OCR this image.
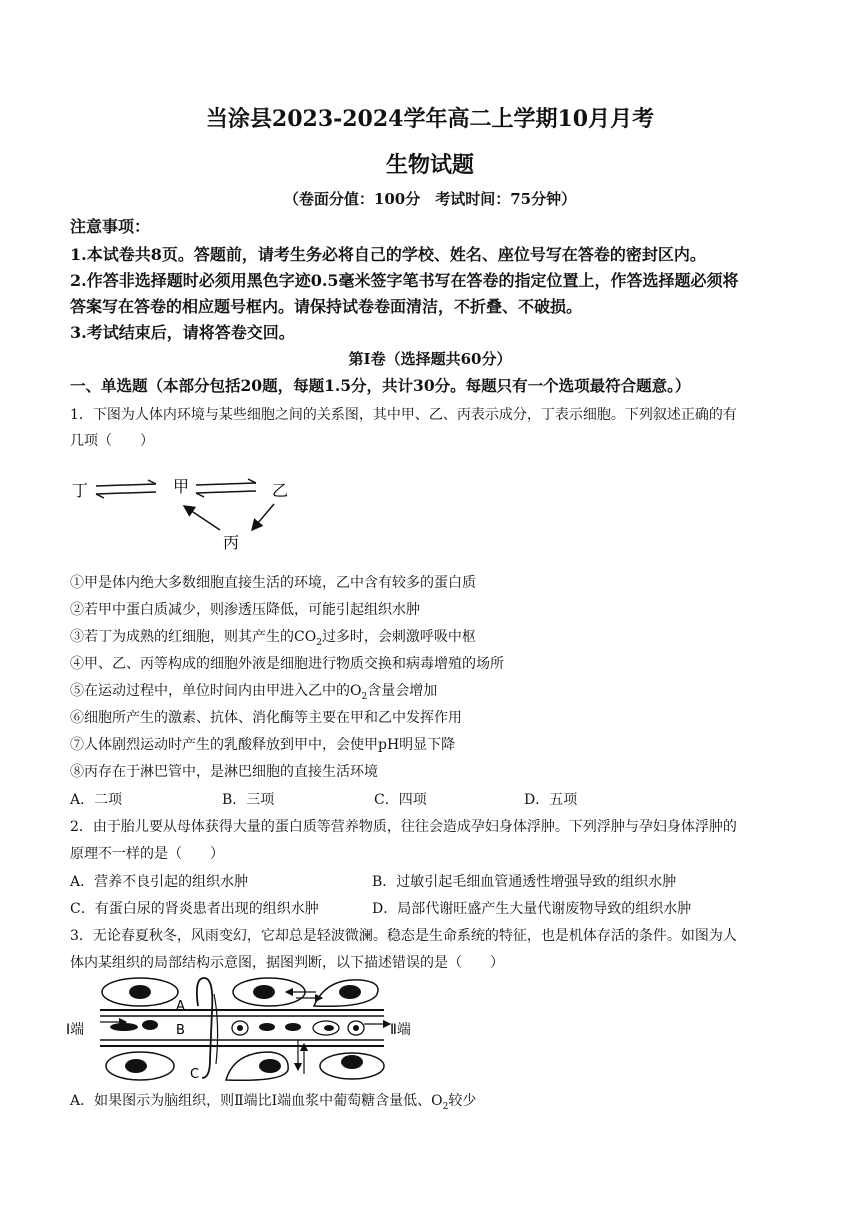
当涂县2023-2024学年高二上学期10月月考
生物试题
（卷面分值：100分　考试时间：75分钟）
注意事项：
1.本试卷共8页。答题前，请考生务必将自己的学校、姓名、座位号写在答卷的密封区内。
2.作答非选择题时必须用黑色字迹0.5毫米签字笔书写在答卷的指定位置上，作答选择题必须将
答案写在答卷的相应题号框内。请保持试卷卷面清洁，不折叠、不破损。
3.考试结束后，请将答卷交回。
第Ⅰ卷（选择题共60分）
一、单选题（本部分包括20题，每题1.5分，共计30分。每题只有一个选项最符合题意。）
1．下图为人体内环境与某些细胞之间的关系图，其中甲、乙、丙表示成分，丁表示细胞。下列叙述正确的有
几项（　　）
丁	甲	乙
丙
①甲是体内绝大多数细胞直接生活的环境，乙中含有较多的蛋白质
②若甲中蛋白质减少，则渗透压降低，可能引起组织水肿
③若丁为成熟的红细胞，则其产生的$CO_2$过多时，会刺激呼吸中枢
④甲、乙、丙等构成的细胞外液是细胞进行物质交换和病毒增殖的场所
⑤在运动过程中，单位时间内由甲进入乙中的$O_2$含量会增加
⑥细胞所产生的激素、抗体、消化酶等主要在甲和乙中发挥作用
⑦人体剧烈运动时产生的乳酸释放到甲中，会使甲pH明显下降
⑧丙存在于淋巴管中，是淋巴细胞的直接生活环境
A．二项	B．三项	C．四项	D．五项
2．由于胎儿要从母体获得大量的蛋白质等营养物质，往往会造成孕妇身体浮肿。下列浮肿与孕妇身体浮肿的
原理不一样的是（　　）
A．营养不良引起的组织水肿	B．过敏引起毛细血管通透性增强导致的组织水肿
C．有蛋白尿的肾炎患者出现的组织水肿	D．局部代谢旺盛产生大量代谢废物导致的组织水肿
3．无论春夏秋冬，风雨变幻，它却总是轻波微澜。稳态是生命系统的特征，也是机体存活的条件。如图为人
体内某组织的局部结构示意图，据图判断，以下描述错误的是（　　）
Ⅰ端	Ⅱ端
A
B
C
A．如果图示为脑组织，则Ⅱ端比Ⅰ端血浆中葡萄糖含量低、$O_2$较少
